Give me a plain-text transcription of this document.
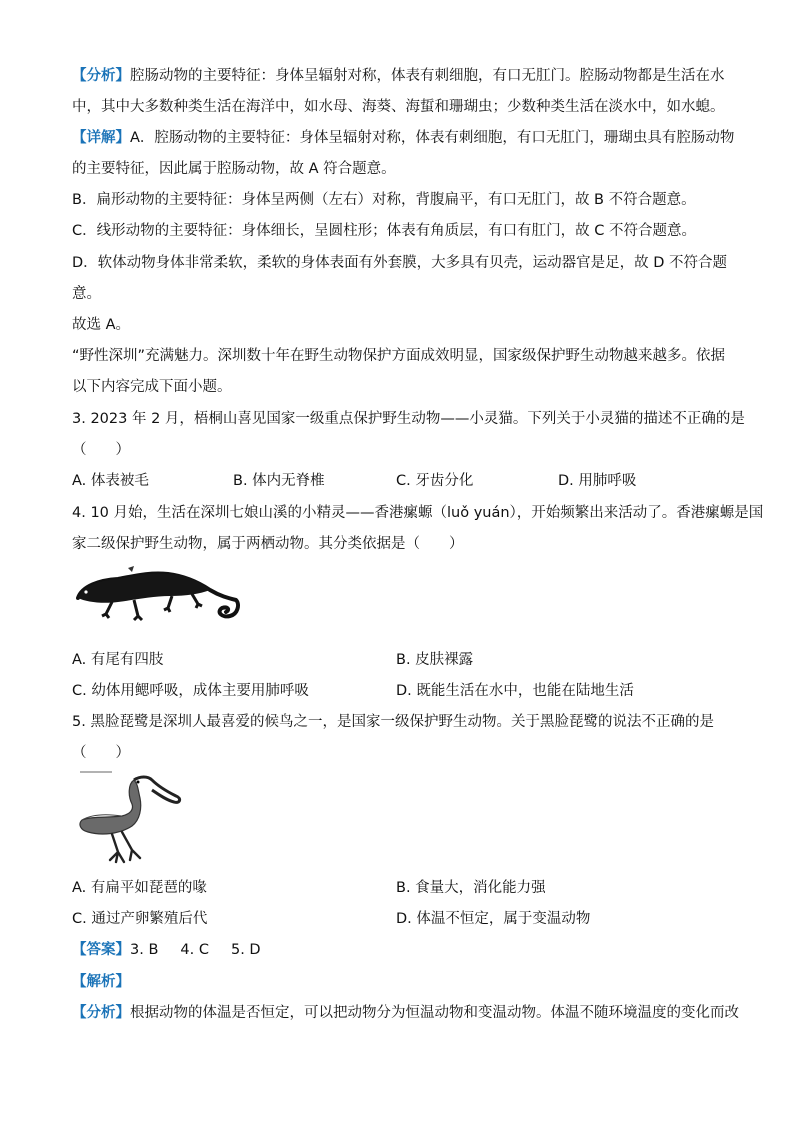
【分析】腔肠动物的主要特征：身体呈辐射对称，体表有刺细胞，有口无肛门。腔肠动物都是生活在水
中，其中大多数种类生活在海洋中，如水母、海葵、海蜇和珊瑚虫；少数种类生活在淡水中，如水螅。
【详解】A．腔肠动物的主要特征：身体呈辐射对称，体表有刺细胞，有口无肛门，珊瑚虫具有腔肠动物
的主要特征，因此属于腔肠动物，故 A 符合题意。
B．扁形动物的主要特征：身体呈两侧（左右）对称，背腹扁平，有口无肛门，故 B 不符合题意。
C．线形动物的主要特征：身体细长，呈圆柱形；体表有角质层，有口有肛门，故 C 不符合题意。
D．软体动物身体非常柔软，柔软的身体表面有外套膜，大多具有贝壳，运动器官是足，故 D 不符合题
意。
故选 A。
“野性深圳”充满魅力。深圳数十年在野生动物保护方面成效明显，国家级保护野生动物越来越多。依据
以下内容完成下面小题。
3. 2023 年 2 月，梧桐山喜见国家一级重点保护野生动物——小灵猫。下列关于小灵猫的描述不正确的是
（　　）
A. 体表被毛	B. 体内无脊椎	C. 牙齿分化	D. 用肺呼吸
4. 10 月始，生活在深圳七娘山溪的小精灵——香港瘰螈（luǒ yuán），开始频繁出来活动了。香港瘰螈是国
家二级保护野生动物，属于两栖动物。其分类依据是（　　）
A. 有尾有四肢	B. 皮肤裸露
C. 幼体用鳃呼吸，成体主要用肺呼吸	D. 既能生活在水中，也能在陆地生活
5. 黑脸琵鹭是深圳人最喜爱的候鸟之一，是国家一级保护野生动物。关于黑脸琵鹭的说法不正确的是
（　　）
A. 有扁平如琵琶的喙	B. 食量大，消化能力强
C. 通过产卵繁殖后代	D. 体温不恒定，属于变温动物
【答案】3. B 4. C 5. D
【解析】
【分析】根据动物的体温是否恒定，可以把动物分为恒温动物和变温动物。体温不随环境温度的变化而改
